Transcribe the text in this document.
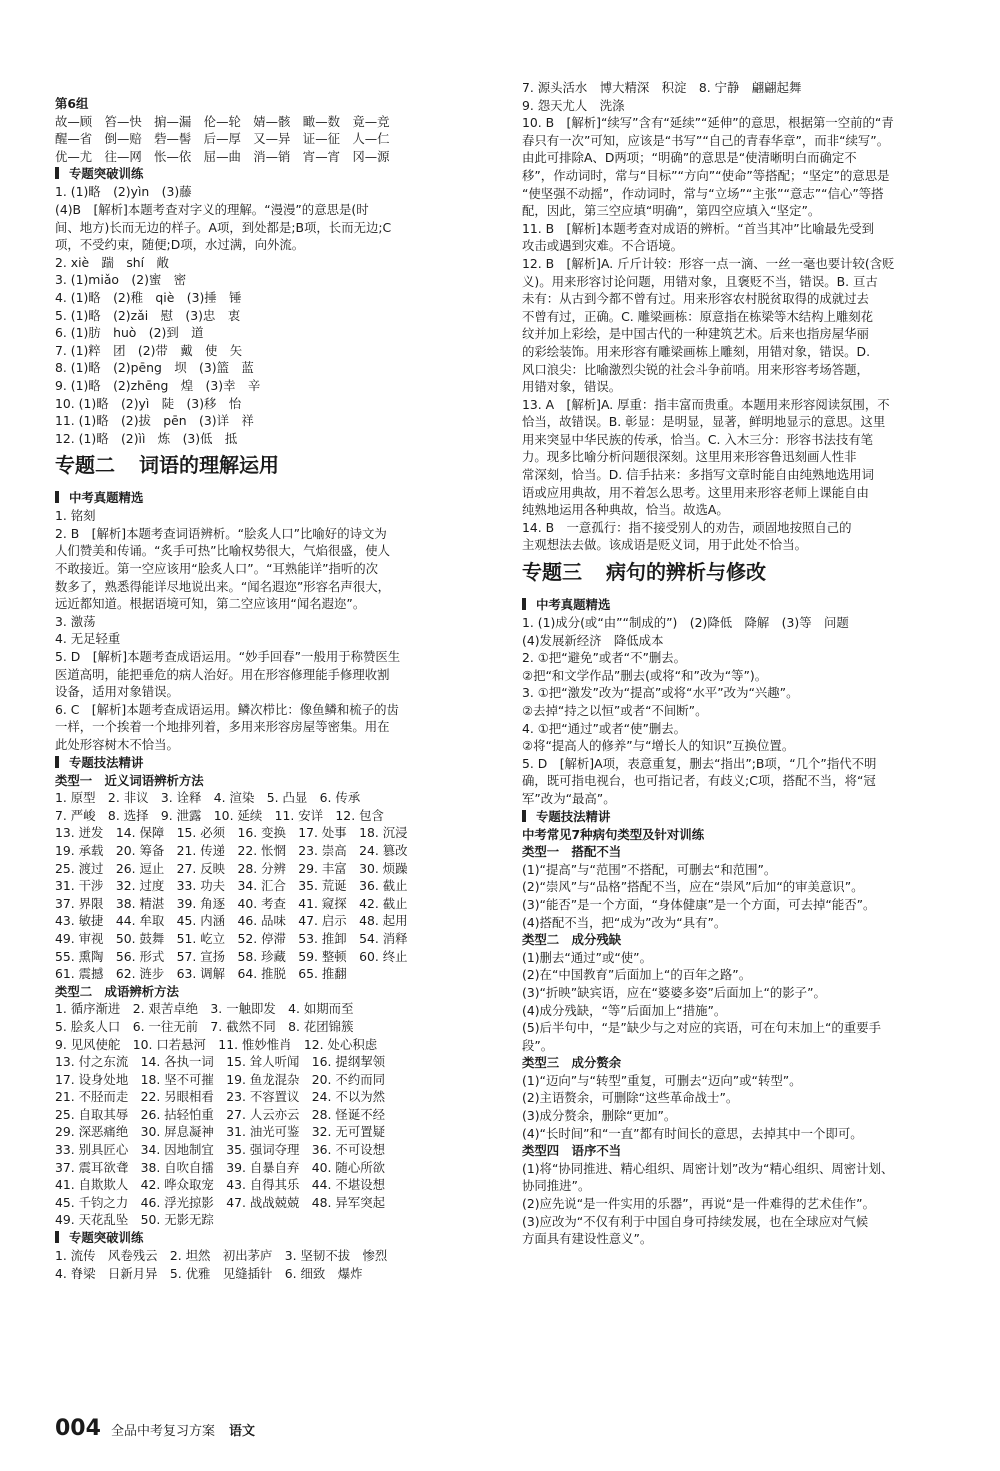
第6组
故—顾　笞—快　掮—漏　伦—轮　婧—骸　瞰—数　竟—竞
醒—省　倒—赔　砦—髻　后—厚　又—异　证—征　人—仁
优—尤　往—网　怅—依　屈—曲　消—销　宵—宵　冈—源
专题突破训练
1. (1)略　(2)yìn　(3)藤
(4)B　[解析]本题考查对字义的理解。“漫漫”的意思是(时
间、地方)长而无边的样子。A项，到处都是;B项，长而无边;C
项，不受约束，随便;D项，水过满，向外流。
2. xiè　踹　shí　敞
3. (1)miǎo　(2)蜜　密
4. (1)略　(2)稚　qiè　(3)捶　锤
5. (1)略　(2)zǎi　慰　(3)忠　衷
6. (1)肪　huò　(2)到　道
7. (1)粹　团　(2)带　戴　使　矢
8. (1)略　(2)pēng　坝　(3)篮　蓝
9. (1)略　(2)zhēng　煌　(3)幸　辛
10. (1)略　(2)yì　陡　(3)移　怡
11. (1)略　(2)拔　pēn　(3)详　祥
12. (1)略　(2)ìì　炼　(3)低　抵
专题二 词语的理解运用
中考真题精选
1. 铭刻
2. B　[解析]本题考查词语辨析。“脍炙人口”比喻好的诗文为
人们赞美和传诵。“炙手可热”比喻权势很大，气焰很盛，使人
不敢接近。第一空应该用“脍炙人口”。“耳熟能详”指听的次
数多了，熟悉得能详尽地说出来。“闻名遐迩”形容名声很大，
远近都知道。根据语境可知，第二空应该用“闻名遐迩”。
3. 激荡
4. 无足轻重
5. D　[解析]本题考查成语运用。“妙手回春”一般用于称赞医生
医道高明，能把垂危的病人治好。用在形容修理能手修理收割
设备，适用对象错误。
6. C　[解析]本题考查成语运用。鳞次栉比：像鱼鳞和梳子的齿
一样，一个挨着一个地排列着，多用来形容房屋等密集。用在
此处形容树木不恰当。
专题技法精讲
类型一　近义词语辨析方法
1. 原型　2. 非议　3. 诠释　4. 渲染　5. 凸显　6. 传承
7. 严峻　8. 选择　9. 泄露　10. 延续　11. 安详　12. 包含
13. 迸发　14. 保障　15. 必须　16. 变换　17. 处事　18. 沉浸
19. 承载　20. 筹备　21. 传递　22. 怅惘　23. 崇高　24. 篡改
25. 渡过　26. 逗止　27. 反映　28. 分辨　29. 丰富　30. 烦躁
31. 干涉　32. 过度　33. 功夫　34. 汇合　35. 荒诞　36. 截止
37. 界限　38. 精湛　39. 角逐　40. 考查　41. 窥探　42. 截止
43. 敏捷　44. 牟取　45. 内涵　46. 品味　47. 启示　48. 起用
49. 审视　50. 鼓舞　51. 屹立　52. 停滞　53. 推卸　54. 消释
55. 熏陶　56. 形式　57. 宣扬　58. 珍藏　59. 整顿　60. 终止
61. 震撼　62. 涟步　63. 调解　64. 推脱　65. 推翻
类型二　成语辨析方法
1. 循序渐进　2. 艰苦卓绝　3. 一触即发　4. 如期而至
5. 脍炙人口　6. 一往无前　7. 截然不同　8. 花团锦簇
9. 见风使舵　10. 口若悬河　11. 惟妙惟肖　12. 处心积虑
13. 付之东流　14. 各执一词　15. 耸人听闻　16. 提纲挈领
17. 设身处地　18. 坚不可摧　19. 鱼龙混杂　20. 不约而同
21. 不胫而走　22. 另眼相看　23. 不容置议　24. 不以为然
25. 自取其辱　26. 拈轻怕重　27. 人云亦云　28. 怪诞不经
29. 深恶痛绝　30. 屏息凝神　31. 油光可鉴　32. 无可置疑
33. 别具匠心　34. 因地制宜　35. 强词夺理　36. 不可设想
37. 震耳欲聋　38. 自吹自擂　39. 自暴自弃　40. 随心所欲
41. 自欺欺人　42. 哗众取宠　43. 自得其乐　44. 不堪设想
45. 千钧之力　46. 浮光掠影　47. 战战兢兢　48. 异军突起
49. 天花乱坠　50. 无影无踪
专题突破训练
1. 流传　风卷残云　2. 坦然　初出茅庐　3. 坚韧不拔　惨烈
4. 脊梁　日新月异　5. 优雅　见缝插针　6. 细致　爆炸
7. 源头活水　博大精深　积淀　8. 宁静　翩翩起舞
9. 怨天尤人　洗涤
10. B　[解析]“续写”含有“延续”“延伸”的意思，根据第一空前的“青
春只有一次”可知，应该是“书写”“自己的青春华章”，而非“续写”。
由此可排除A、D两项；“明确”的意思是“使清晰明白而确定不
移”，作动词时，常与“目标”“方向”“使命”等搭配；“坚定”的意思是
“使坚强不动摇”，作动词时，常与“立场”“主张”“意志”“信心”等搭
配，因此，第三空应填“明确”，第四空应填入“坚定”。
11. B　[解析]本题考查对成语的辨析。“首当其冲”比喻最先受到
攻击或遇到灾难。不合语境。
12. B　[解析]A. 斤斤计较：形容一点一滴、一丝一毫也要计较(含贬
义)。用来形容讨论问题，用错对象，且褒贬不当，错误。B. 亘古
未有：从古到今都不曾有过。用来形容农村脱贫取得的成就过去
不曾有过，正确。C. 雕梁画栋：原意指在栋梁等木结构上雕刻花
纹并加上彩绘，是中国古代的一种建筑艺术。后来也指房屋华丽
的彩绘装饰。用来形容有雕梁画栋上雕刻，用错对象，错误。D.
风口浪尖：比喻激烈尖锐的社会斗争前哨。用来形容考场答题，
用错对象，错误。
13. A　[解析]A. 厚重：指丰富而贵重。本题用来形容阅读氛围，不
恰当，故错误。B. 彰显：是明显，显著，鲜明地显示的意思。这里
用来突显中华民族的传承，恰当。C. 入木三分：形容书法技有笔
力。现多比喻分析问题很深刻。这里用来形容鲁迅刻画人性非
常深刻，恰当。D. 信手拈来：多指写文章时能自由纯熟地选用词
语或应用典故，用不着怎么思考。这里用来形容老师上课能自由
纯熟地运用各种典故，恰当。故选A。
14. B　一意孤行：指不接受别人的劝告，顽固地按照自己的
主观想法去做。该成语是贬义词，用于此处不恰当。
专题三 病句的辨析与修改
中考真题精选
1. (1)成分(或“由”“制成的”)　(2)降低　降解　(3)等　问题
(4)发展新经济　降低成本
2. ①把“避免”或者“不”删去。
②把“和文学作品”删去(或将“和”改为“等”)。
3. ①把“激发”改为“提高”或将“水平”改为“兴趣”。
②去掉“持之以恒”或者“不间断”。
4. ①把“通过”或者“使”删去。
②将“提高人的修养”与“增长人的知识”互换位置。
5. D　[解析]A项，表意重复，删去“指出”;B项，“几个”指代不明
确，既可指电视台，也可指记者，有歧义;C项，搭配不当，将“冠
军”改为“最高”。
专题技法精讲
中考常见7种病句类型及针对训练
类型一　搭配不当
(1)“提高”与“范围”不搭配，可删去“和范围”。
(2)“崇风”与“品格”搭配不当，应在“崇风”后加“的审美意识”。
(3)“能否”是一个方面，“身体健康”是一个方面，可去掉“能否”。
(4)搭配不当，把“成为”改为“具有”。
类型二　成分残缺
(1)删去“通过”或“使”。
(2)在“中国教育”后面加上“的百年之路”。
(3)“折映”缺宾语，应在“婆婆多姿”后面加上“的影子”。
(4)成分残缺，“等”后面加上“措施”。
(5)后半句中，“是”缺少与之对应的宾语，可在句末加上“的重要手
段”。
类型三　成分赘余
(1)“迈向”与“转型”重复，可删去“迈向”或“转型”。
(2)主语赘余，可删除“这些革命战士”。
(3)成分赘余，删除“更加”。
(4)“长时间”和“一直”都有时间长的意思，去掉其中一个即可。
类型四　语序不当
(1)将“协同推进、精心组织、周密计划”改为“精心组织、周密计划、
协同推进”。
(2)应先说“是一件实用的乐器”，再说“是一件难得的艺术佳作”。
(3)应改为“不仅有利于中国自身可持续发展，也在全球应对气候
方面具有建设性意义”。
004 全品中考复习方案 语文
